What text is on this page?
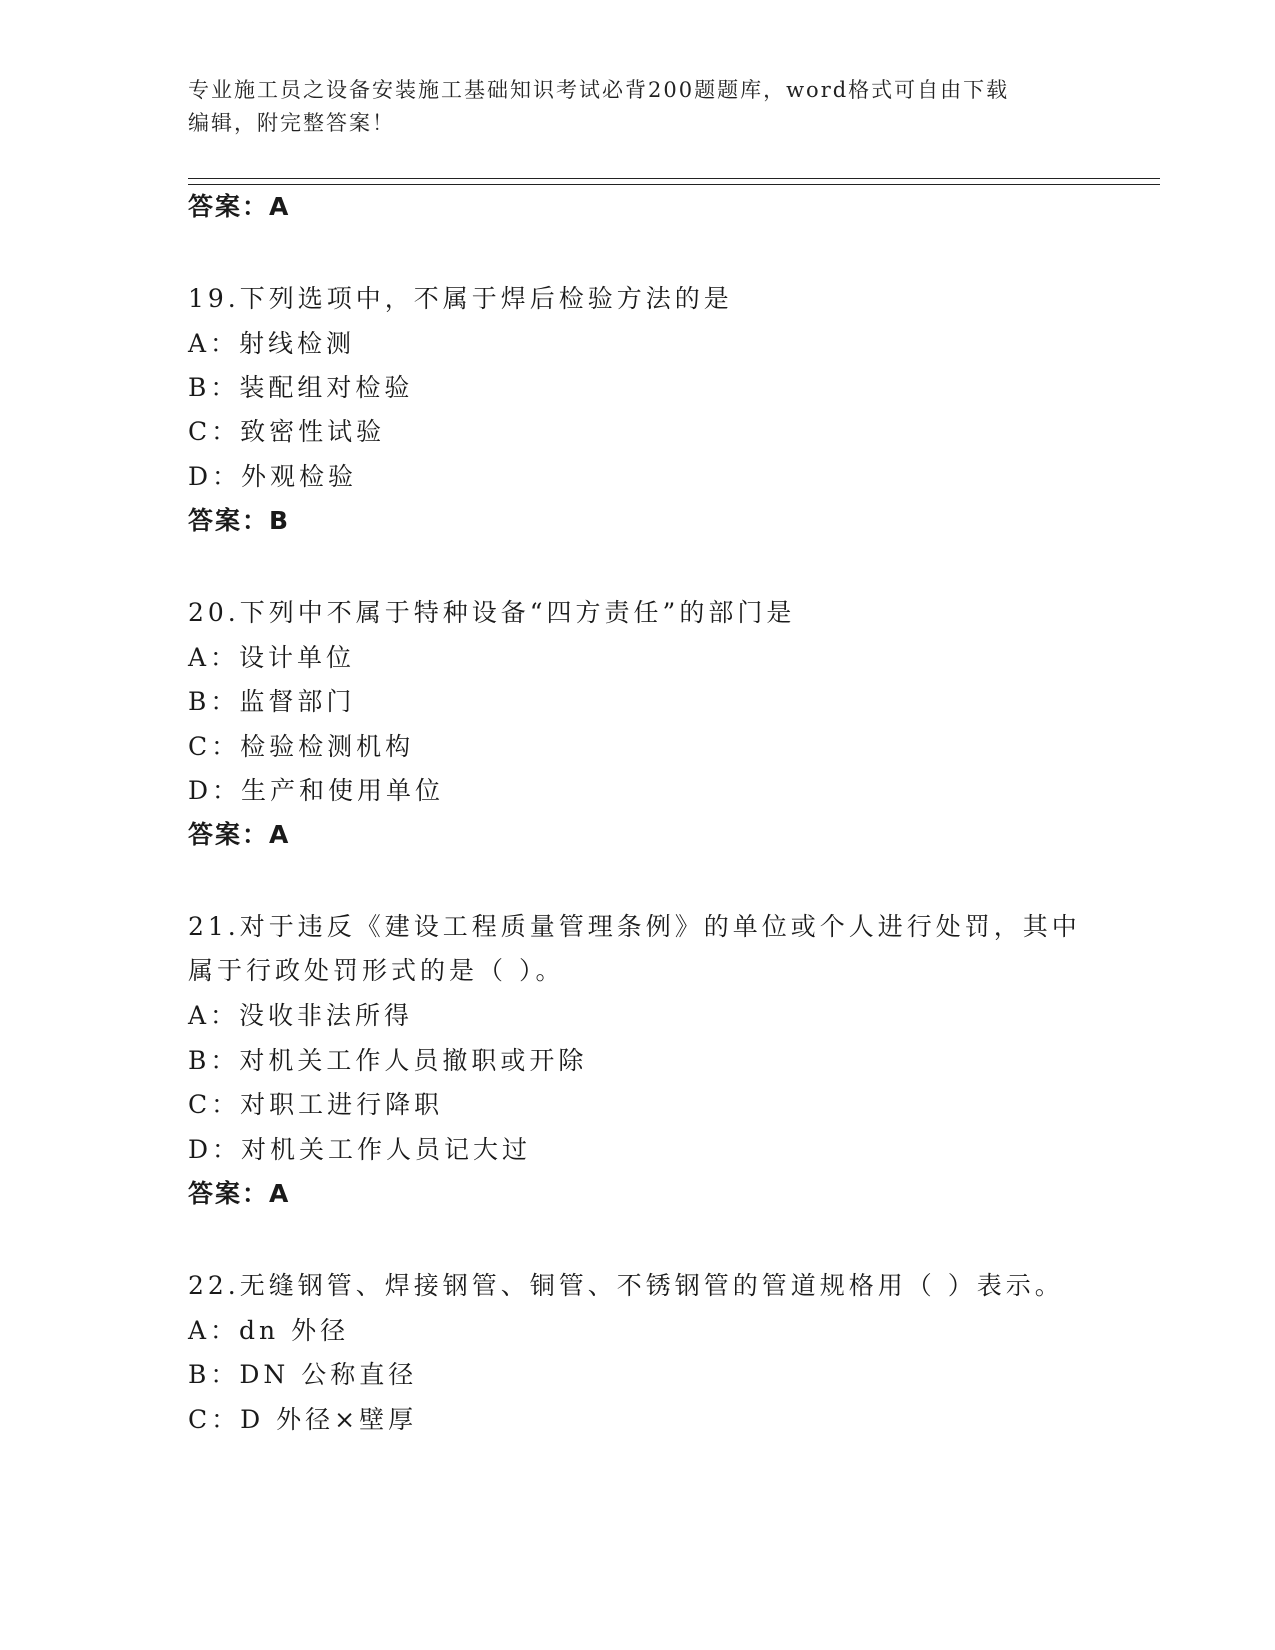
专业施工员之设备安装施工基础知识考试必背200题题库，word格式可自由下载
编辑，附完整答案！
答案：A
19.下列选项中，不属于焊后检验方法的是
A：射线检测
B：装配组对检验
C：致密性试验
D：外观检验
答案：B
20.下列中不属于特种设备“四方责任”的部门是
A：设计单位
B：监督部门
C：检验检测机构
D：生产和使用单位
答案：A
21.对于违反《建设工程质量管理条例》的单位或个人进行处罚，其中
属于行政处罚形式的是（ ）。
A：没收非法所得
B：对机关工作人员撤职或开除
C：对职工进行降职
D：对机关工作人员记大过
答案：A
22.无缝钢管、焊接钢管、铜管、不锈钢管的管道规格用（ ）表示。
A：dn 外径
B：DN 公称直径
C：D 外径×壁厚
